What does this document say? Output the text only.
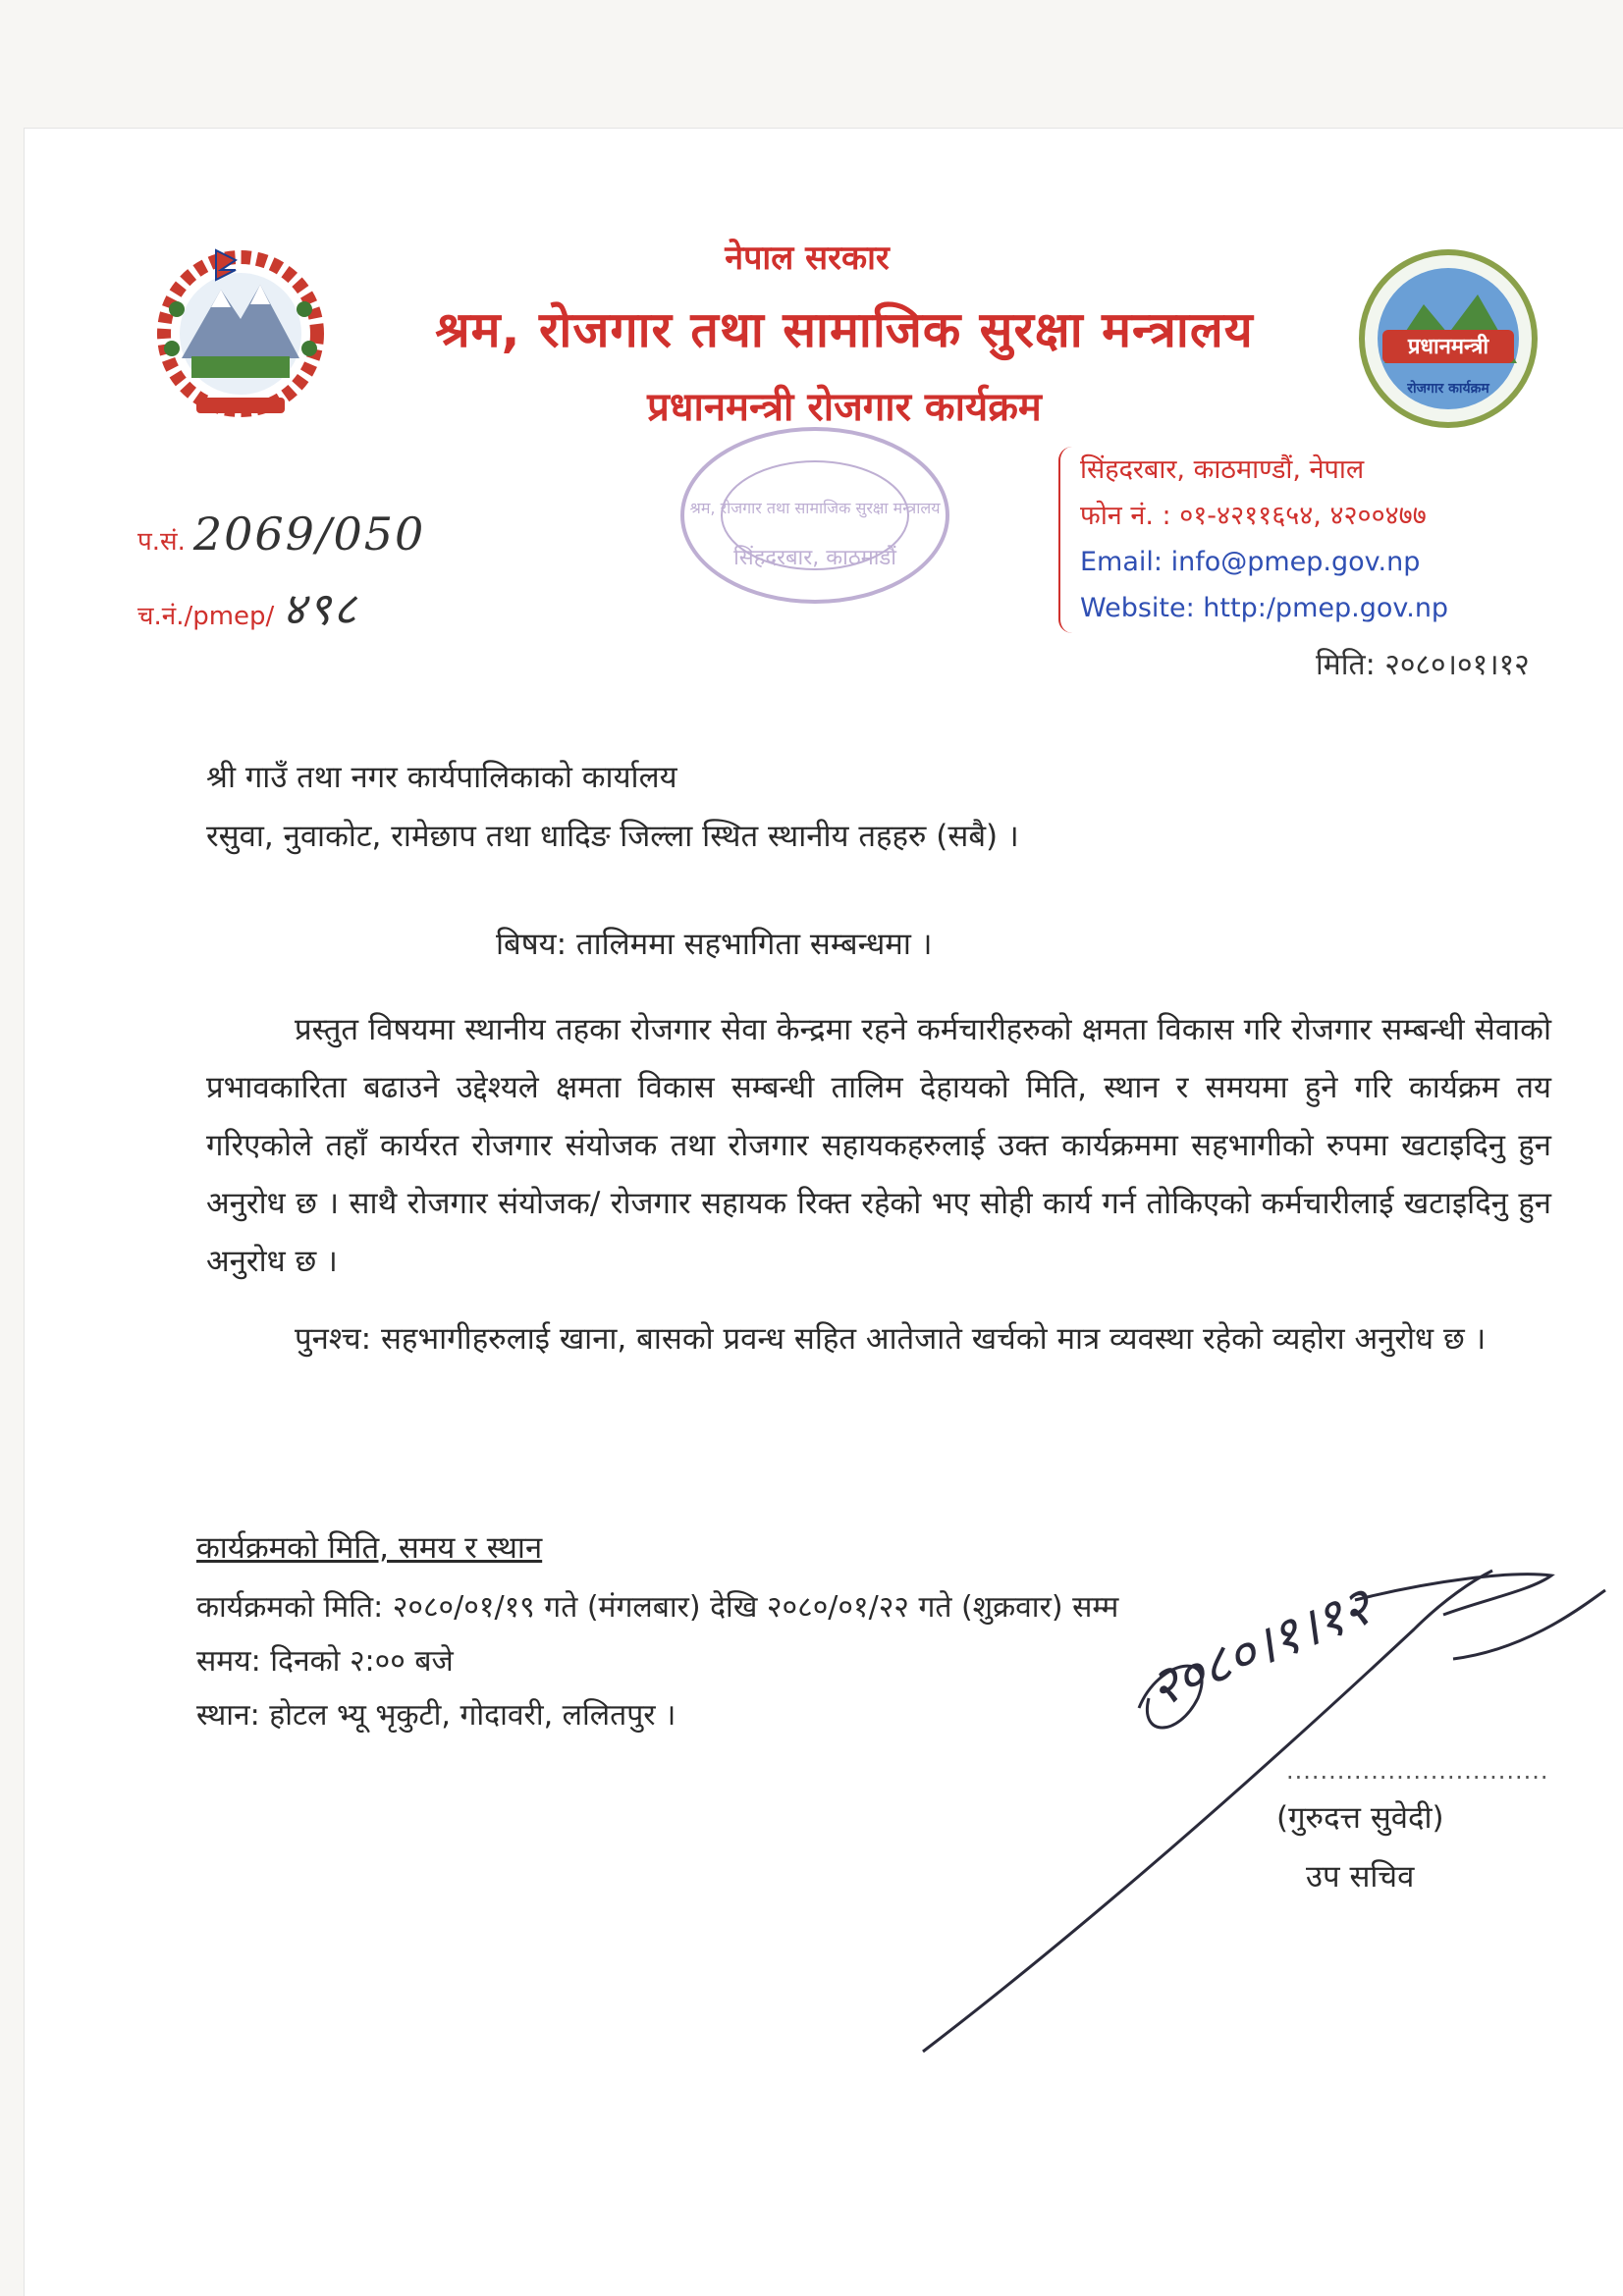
नेपाल सरकार
श्रम, रोजगार तथा सामाजिक सुरक्षा मन्त्रालय
प्रधानमन्त्री रोजगार कार्यक्रम
प्रधानमन्त्री
रोजगार कार्यक्रम
श्रम, रोजगार तथा सामाजिक सुरक्षा मन्त्रालय
सिंहदरबार, काठमाडौं
सिंहदरबार, काठमाण्डौं, नेपाल
फोन नं. : ०१-४२११६५४, ४२००४७७
Email: info@pmep.gov.np
Website: http:/pmep.gov.np
प.सं. 2069/050
च.नं./pmep/ ४९८
मिति: २०८०।०१।१२
श्री गाउँ तथा नगर कार्यपालिकाको कार्यालय
रसुवा, नुवाकोट, रामेछाप तथा धादिङ जिल्ला स्थित स्थानीय तहहरु (सबै) ।
बिषय: तालिममा सहभागिता सम्बन्धमा ।
प्रस्तुत विषयमा स्थानीय तहका रोजगार सेवा केन्द्रमा रहने कर्मचारीहरुको क्षमता विकास गरि रोजगार सम्बन्धी सेवाको प्रभावकारिता बढाउने उद्देश्यले क्षमता विकास सम्बन्धी तालिम देहायको मिति, स्थान र समयमा हुने गरि कार्यक्रम तय गरिएकोले तहाँ कार्यरत रोजगार संयोजक तथा रोजगार सहायकहरुलाई उक्त कार्यक्रममा सहभागीको रुपमा खटाइदिनु हुन अनुरोध छ । साथै रोजगार संयोजक/ रोजगार सहायक रिक्त रहेको भए सोही कार्य गर्न तोकिएको कर्मचारीलाई खटाइदिनु हुन अनुरोध छ ।
पुनश्च: सहभागीहरुलाई खाना, बासको प्रवन्ध सहित आतेजाते खर्चको मात्र व्यवस्था रहेको व्यहोरा अनुरोध छ ।
कार्यक्रमको मिति, समय र स्थान
कार्यक्रमको मिति: २०८०/०१/१९ गते (मंगलबार) देखि २०८०/०१/२२ गते (शुक्रवार) सम्म
समय: दिनको २:०० बजे
स्थान: होटल भ्यू भृकुटी, गोदावरी, ललितपुर ।	२०८०।१।१२
...............................
(गुरुदत्त सुवेदी)
उप सचिव
